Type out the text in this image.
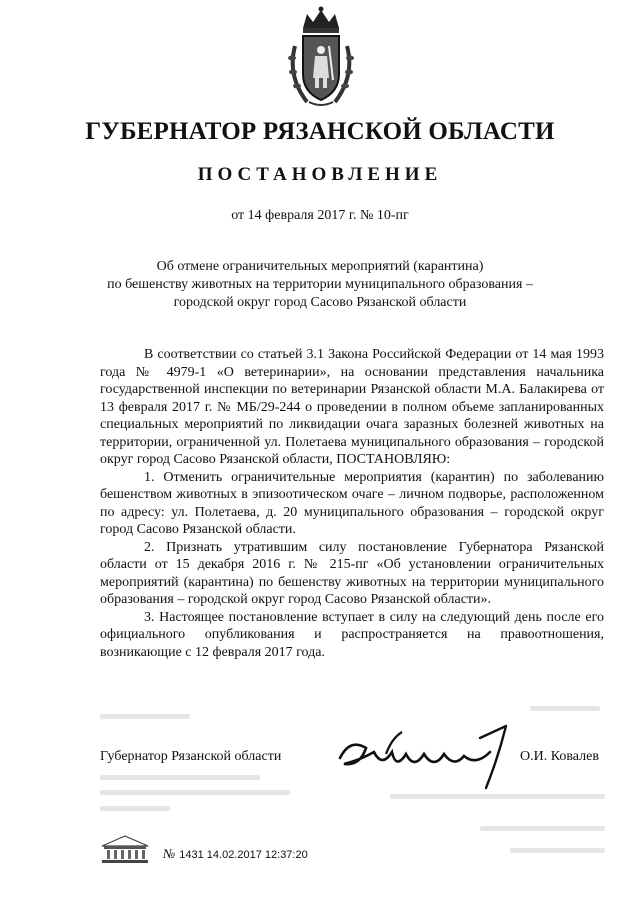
ГУБЕРНАТОР РЯЗАНСКОЙ ОБЛАСТИ
ПОСТАНОВЛЕНИЕ
от 14 февраля 2017 г. № 10-пг
Об отмене ограничительных мероприятий (карантина)
по бешенству животных на территории муниципального образования –
городской округ город Сасово Рязанской области

В соответствии со статьей 3.1 Закона Российской Федерации от 14 мая 1993 года № 4979-1 «О ветеринарии», на основании представления начальника государственной инспекции по ветеринарии Рязанской области М.А. Балакирева от 13 февраля 2017 г. № МБ/29-244 о проведении в полном объеме запланированных специальных мероприятий по ликвидации очага заразных болезней животных на территории, ограниченной ул. Полетаева муниципального образования – городской округ город Сасово Рязанской области, ПОСТАНОВЛЯЮ:

1. Отменить ограничительные мероприятия (карантин) по заболеванию бешенством животных в эпизоотическом очаге – личном подворье, расположенном по адресу: ул. Полетаева, д. 20 муниципального образования – городской округ город Сасово Рязанской области.

2. Признать утратившим силу постановление Губернатора Рязанской области от 15 декабря 2016 г. № 215-пг «Об установлении ограничительных мероприятий (карантина) по бешенству животных на территории муниципального образования – городской округ город Сасово Рязанской области».

3. Настоящее постановление вступает в силу на следующий день после его официального опубликования и распространяется на правоотношения, возникающие с 12 февраля 2017 года.

Губернатор Рязанской области	О.И. Ковалев
№ 1431 14.02.2017 12:37:20
